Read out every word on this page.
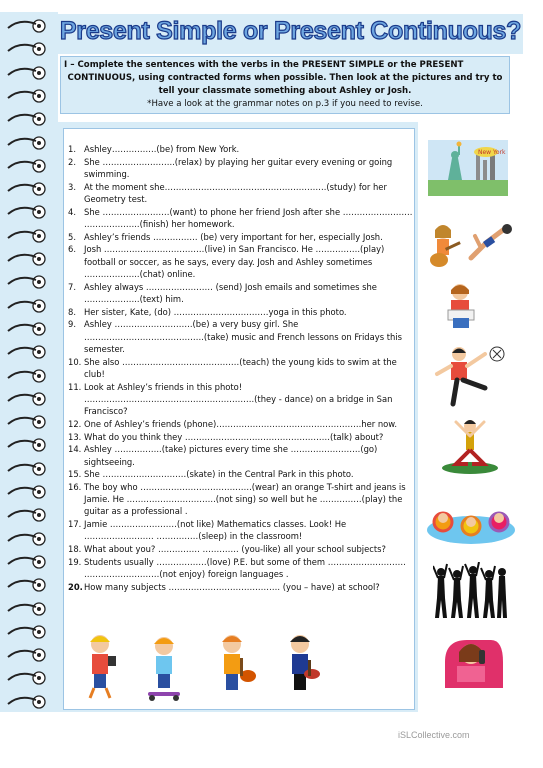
Present Simple or Present Continuous?
I – Complete the sentences with the verbs in the PRESENT SIMPLE or the PRESENT
CONTINUOUS, using contracted forms when possible. Then look at the pictures and try to
tell your classmate something about Ashley or Josh.
*Have a look at the grammar notes on p.3 if you need to revise.
1. Ashley…………….(be) from New York.
2. She ……………………..(relax) by playing her guitar every evening or going swimming.
3. At the moment she………………………………………………….(study) for her Geometry test.
4. She ……………………(want) to phone her friend Josh after she ……………………. ………………..(finish) her homework.
5. Ashley’s friends ……………. (be) very important for her, especially Josh.
6. Josh ………………………………(live) in San Francisco. He …………….(play) football or soccer, as he says, every day. Josh and Ashley sometimes ………………..(chat) online.
7. Ashley always …………………… (send) Josh emails and sometimes she ………………..(text) him.
8. Her sister, Kate, (do) ……………………….……yoga in this photo.
9. Ashley ……………………….(be) a very busy girl. She …………………………………….(take) music and French lessons on Fridays this semester.
10. She also ……………………………………(teach) the young kids to swim at the club!
11. Look at Ashley’s friends in this photo! …………………………………………………….(they - dance) on a bridge in San Francisco?
12. One of Ashley’s friends (phone)…………………………………………….her now.
13. What do you think they ……………………………………….……(talk) about?
14. Ashley ……………..(take) pictures every time she …………………….(go) sightseeing.
15. She …………………………(skate) in the Central Park in this photo.
16. The boy who ………………………………….(wear) an orange T-shirt and jeans is Jamie. He …………………………..(not sing) so well but he ……………(play) the guitar as a professional .
17. Jamie ……………………(not like) Mathematics classes. Look! He ……………………. ……………(sleep) in the classroom!
18. What about you? …………… …………. (you-like) all your school subjects?
19. Students usually ………………(love) P.E. but some of them ………………………. ………………………(not enjoy) foreign languages .
20. How many subjects …………………………………. (you – have) at school?
New York
iSLCollective.com
